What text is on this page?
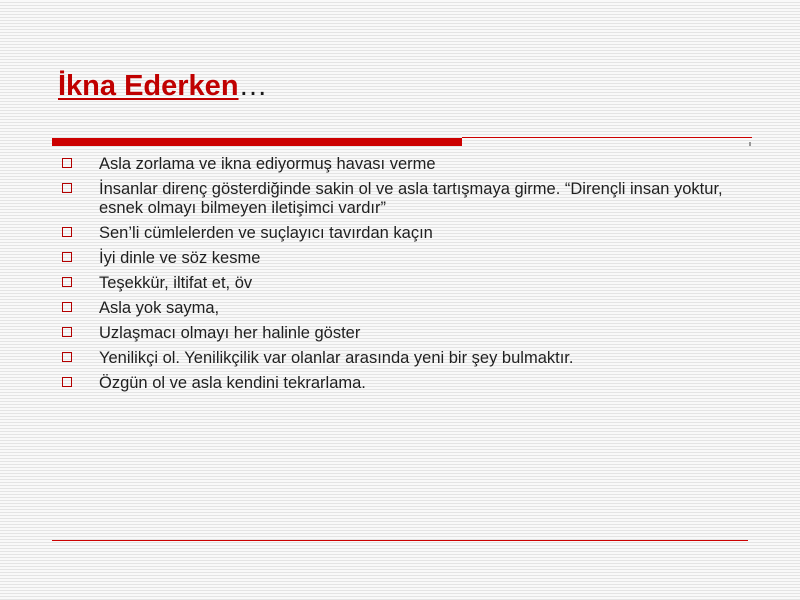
İkna Ederken…
Asla zorlama ve ikna ediyormuş havası verme
İnsanlar direnç gösterdiğinde sakin ol ve asla tartışmaya girme. “Dirençli insan yoktur, esnek olmayı bilmeyen iletişimci vardır”
Sen’li cümlelerden ve suçlayıcı tavırdan kaçın
İyi dinle ve söz kesme
Teşekkür, iltifat et, öv
Asla yok sayma,
Uzlaşmacı olmayı her halinle göster
Yenilikçi ol. Yenilikçilik var olanlar arasında yeni bir şey bulmaktır.
Özgün ol ve asla kendini tekrarlama.
